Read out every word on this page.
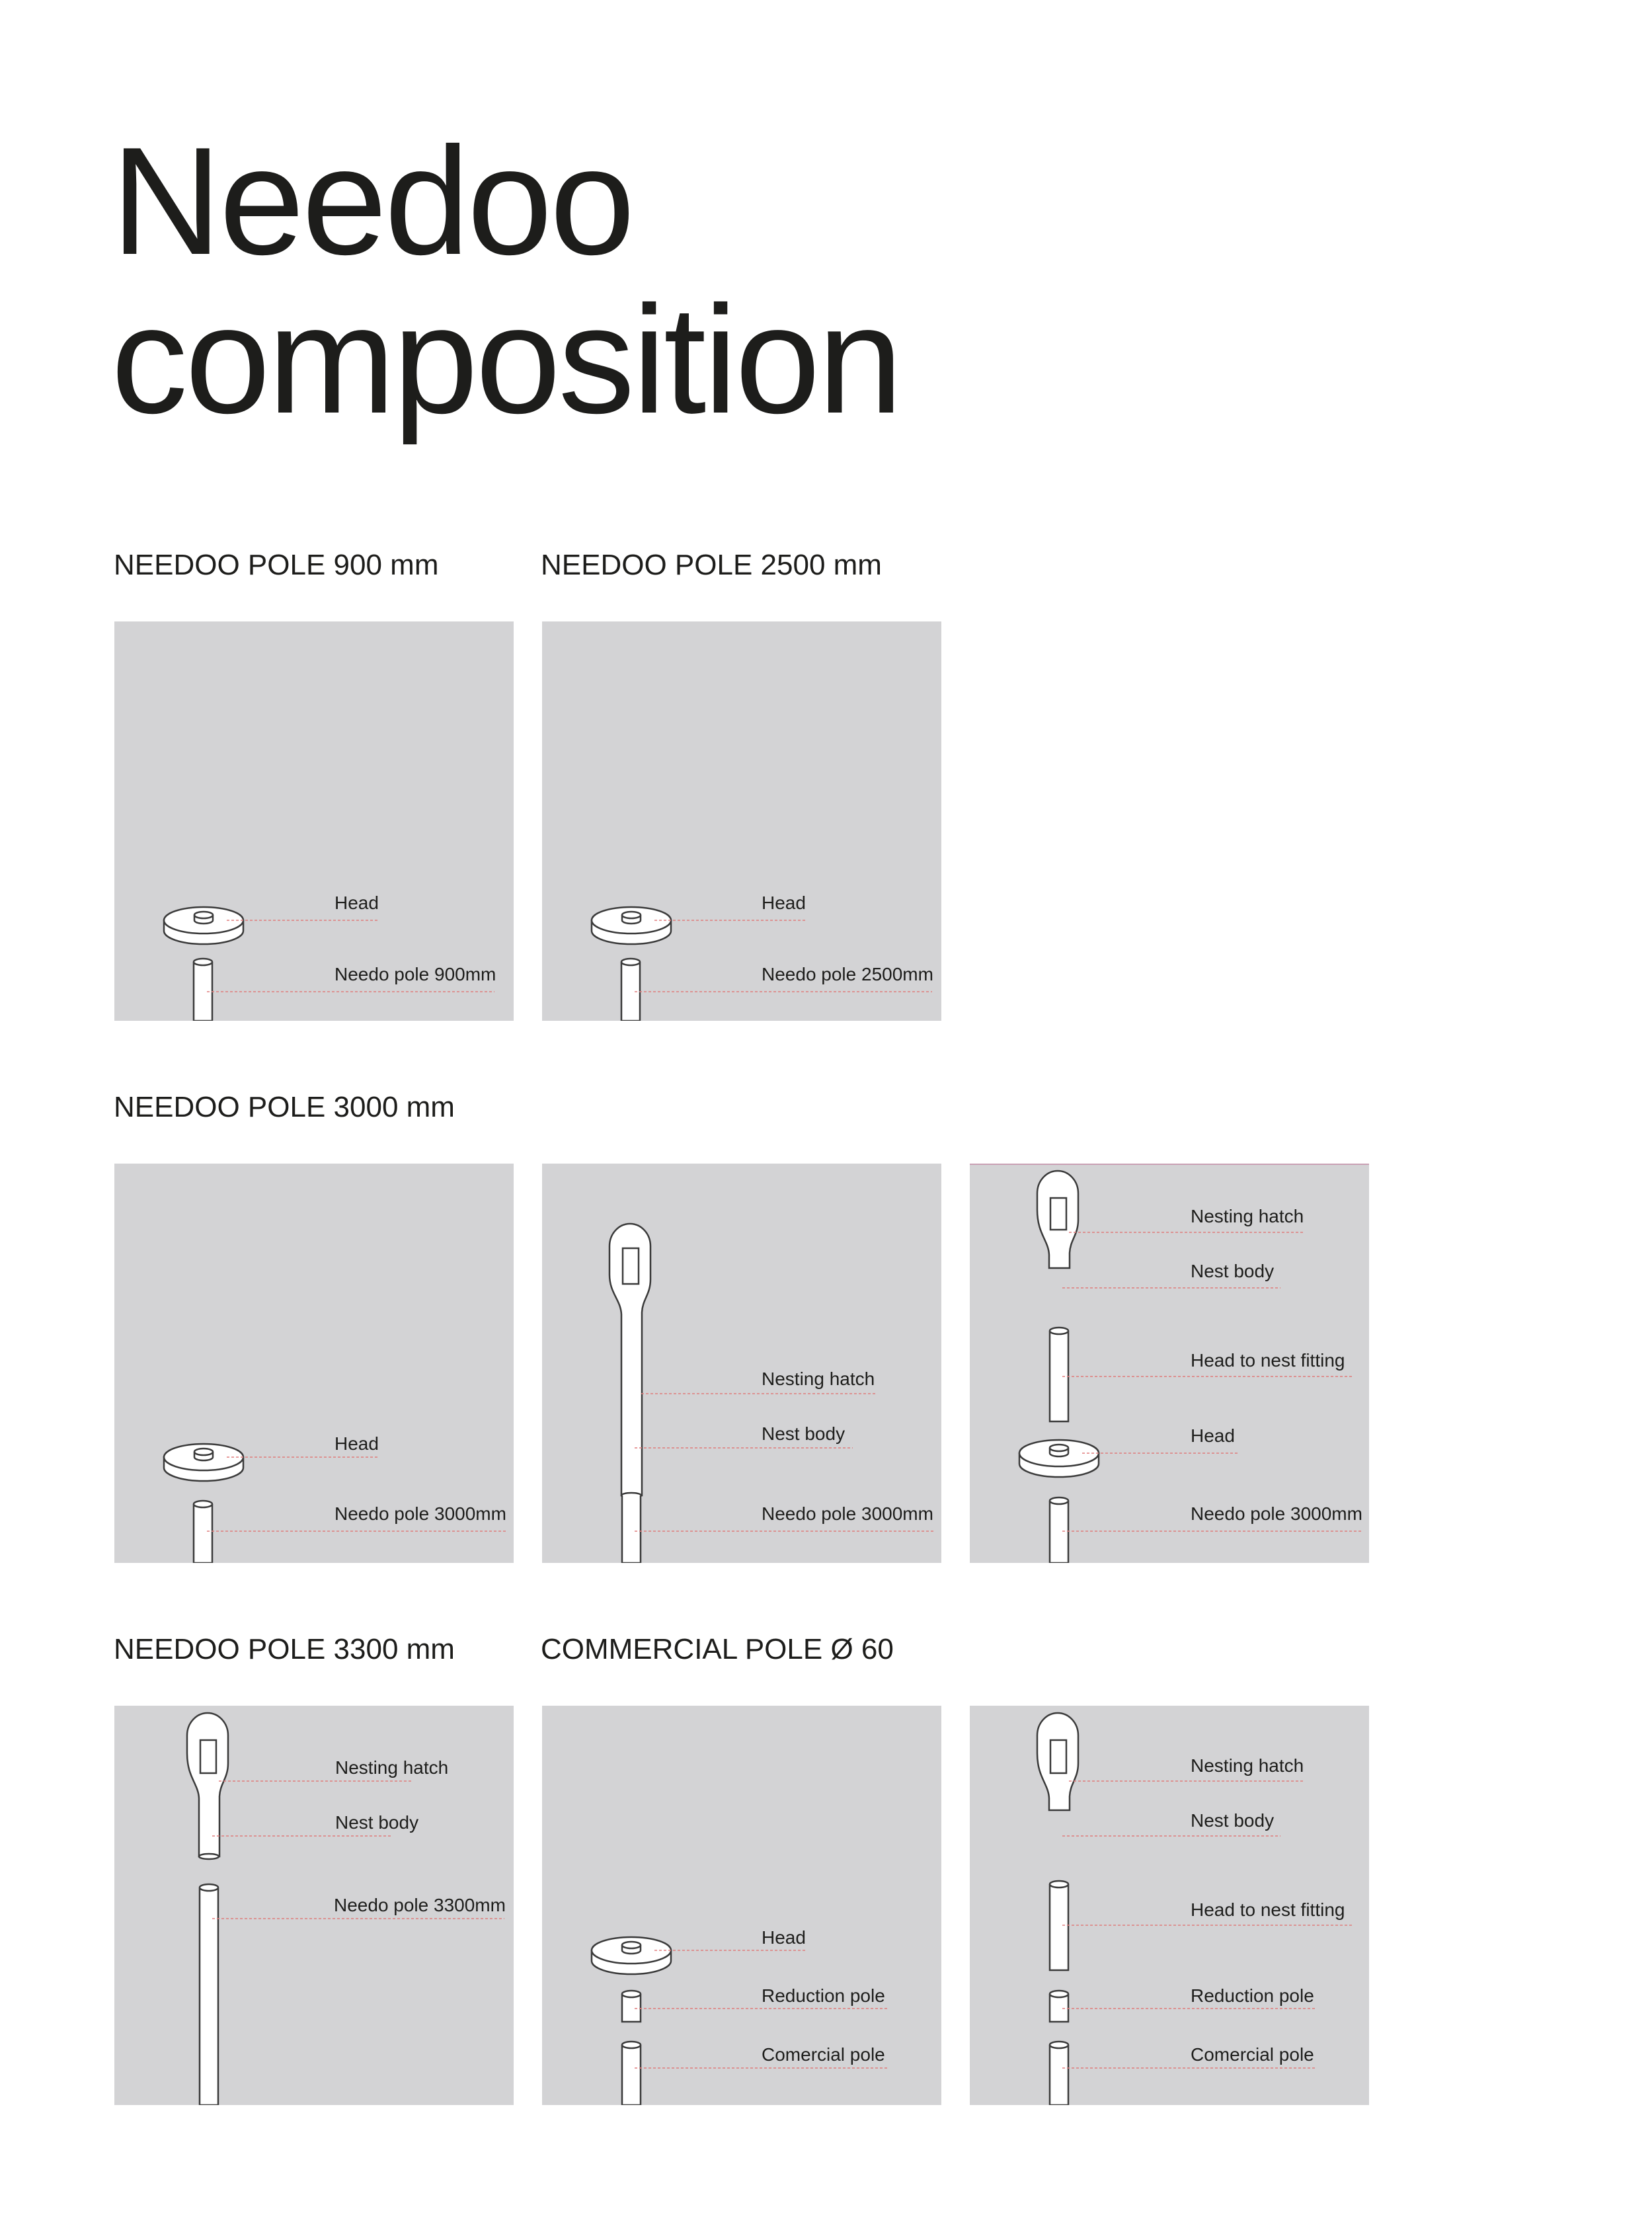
Needoo
composition
NEEDOO POLE 900 mm	NEEDOO POLE 2500 mm
NEEDOO POLE 3000 mm
NEEDOO POLE 3300 mm	COMMERCIAL POLE Ø 60
Head
Needo pole 900mm
Head
Needo pole 2500mm
Head
Needo pole 3000mm
Nesting hatch
Nest body
Needo pole 3000mm
Nesting hatch
Nest body
Head to nest fitting
Head
Needo pole 3000mm
Nesting hatch
Nest body
Needo pole 3300mm
Head
Reduction pole
Comercial pole
Nesting hatch
Nest body
Head to nest fitting
Reduction pole
Comercial pole
